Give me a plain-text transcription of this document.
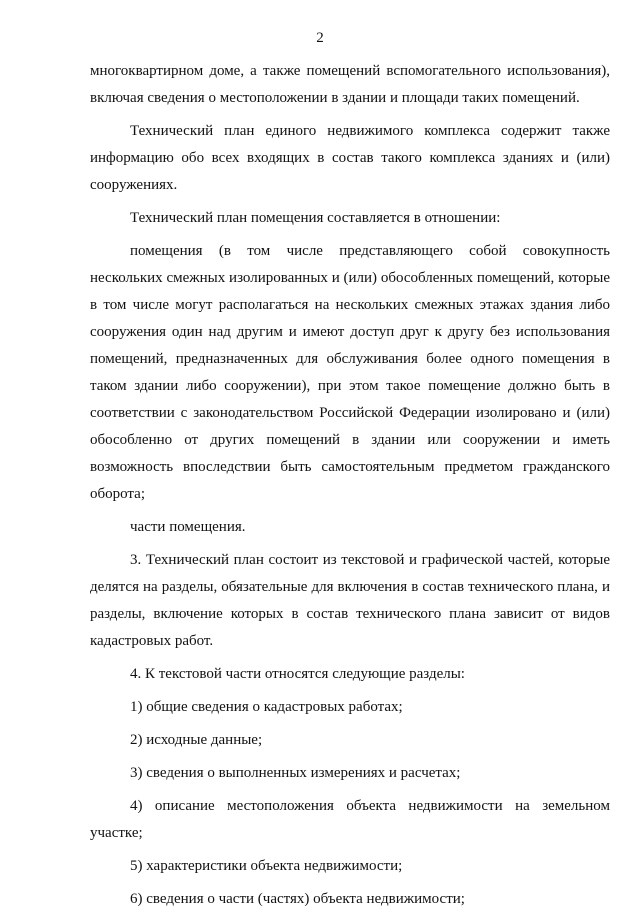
2

многоквартирном доме, а также помещений вспомогательного использования), включая сведения о местоположении в здании и площади таких помещений.

Технический план единого недвижимого комплекса содержит также информацию обо всех входящих в состав такого комплекса зданиях и (или) сооружениях.

Технический план помещения составляется в отношении:

помещения (в том числе представляющего собой совокупность нескольких смежных изолированных и (или) обособленных помещений, которые в том числе могут располагаться на нескольких смежных этажах здания либо сооружения один над другим и имеют доступ друг к другу без использования помещений, предназначенных для обслуживания более одного помещения в таком здании либо сооружении), при этом такое помещение должно быть в соответствии с законодательством Российской Федерации изолировано и (или) обособленно от других помещений в здании или сооружении и иметь возможность впоследствии быть самостоятельным предметом гражданского оборота;

части помещения.

3. Технический план состоит из текстовой и графической частей, которые делятся на разделы, обязательные для включения в состав технического плана, и разделы, включение которых в состав технического плана зависит от видов кадастровых работ.

4. К текстовой части относятся следующие разделы:

1) общие сведения о кадастровых работах;

2) исходные данные;

3) сведения о выполненных измерениях и расчетах;

4) описание местоположения объекта недвижимости на земельном участке;

5) характеристики объекта недвижимости;

6) сведения о части (частях) объекта недвижимости;
